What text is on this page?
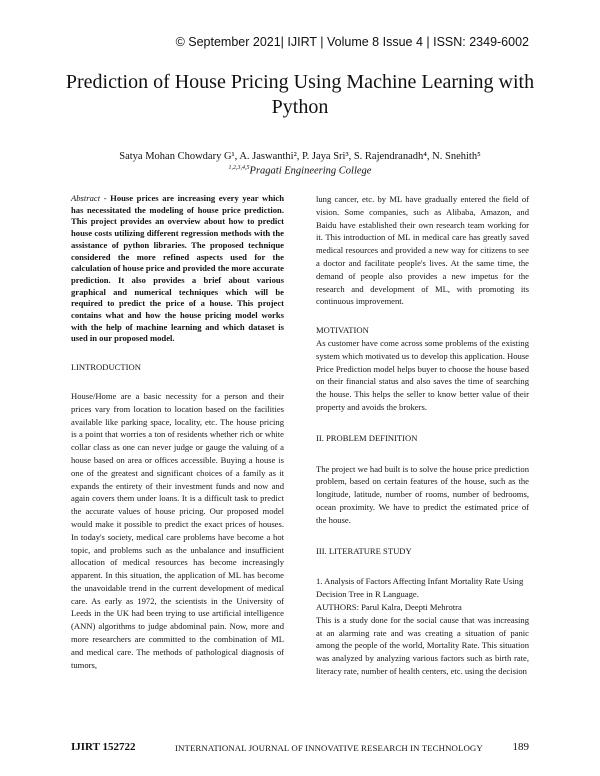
© September 2021| IJIRT | Volume 8 Issue 4 | ISSN: 2349-6002
Prediction of House Pricing Using Machine Learning with Python
Satya Mohan Chowdary G¹, A. Jaswanthi², P. Jaya Sri³, S. Rajendranadh⁴, N. Snehith⁵
$^{1,2,3,4,5}$Pragati Engineering College

Abstract - House prices are increasing every year which has necessitated the modeling of house price prediction. This project provides an overview about how to predict house costs utilizing different regression methods with the assistance of python libraries. The proposed technique considered the more refined aspects used for the calculation of house price and provided the more accurate prediction. It also provides a brief about various graphical and numerical techniques which will be required to predict the price of a house. This project contains what and how the house pricing model works with the help of machine learning and which dataset is used in our proposed model.

I.INTRODUCTION

House/Home are a basic necessity for a person and their prices vary from location to location based on the facilities available like parking space, locality, etc. The house pricing is a point that worries a ton of residents whether rich or white collar class as one can never judge or gauge the valuing of a house based on area or offices accessible. Buying a house is one of the greatest and significant choices of a family as it expands the entirety of their investment funds and now and again covers them under loans. It is a difficult task to predict the accurate values of house pricing. Our proposed model would make it possible to predict the exact prices of houses. In today's society, medical care problems have become a hot topic, and problems such as the unbalance and insufficient allocation of medical resources has become increasingly apparent. In this situation, the application of ML has become the unavoidable trend in the current development of medical care. As early as 1972, the scientists in the University of Leeds in the UK had been trying to use artificial intelligence (ANN) algorithms to judge abdominal pain. Now, more and more researchers are committed to the combination of ML and medical care. The methods of pathological diagnosis of tumors,

lung cancer, etc. by ML have gradually entered the field of vision. Some companies, such as Alibaba, Amazon, and Baidu have established their own research team working for it. This introduction of ML in medical care has greatly saved medical resources and provided a new way for citizens to see a doctor and facilitate people's lives. At the same time, the demand of people also provides a new impetus for the research and development of ML, with promoting its continuous improvement.

MOTIVATION

As customer have come across some problems of the existing system which motivated us to develop this application. House Price Prediction model helps buyer to choose the house based on their financial status and also saves the time of searching the house. This helps the seller to know better value of their property and avoids the brokers.

II. PROBLEM DEFINITION

The project we had built is to solve the house price prediction problem, based on certain features of the house, such as the longitude, latitude, number of rooms, number of bedrooms, ocean proximity. We have to predict the estimated price of the house.

III. LITERATURE STUDY

1. Analysis of Factors Affecting Infant Mortality Rate Using Decision Tree in R Language.

AUTHORS: Parul Kalra, Deepti Mehrotra

This is a study done for the social cause that was increasing at an alarming rate and was creating a situation of panic among the people of the world, Mortality Rate. This situation was analyzed by analyzing various factors such as birth rate, literacy rate, number of health centers, etc. using the decision

IJIRT 152722	INTERNATIONAL JOURNAL OF INNOVATIVE RESEARCH IN TECHNOLOGY	189
